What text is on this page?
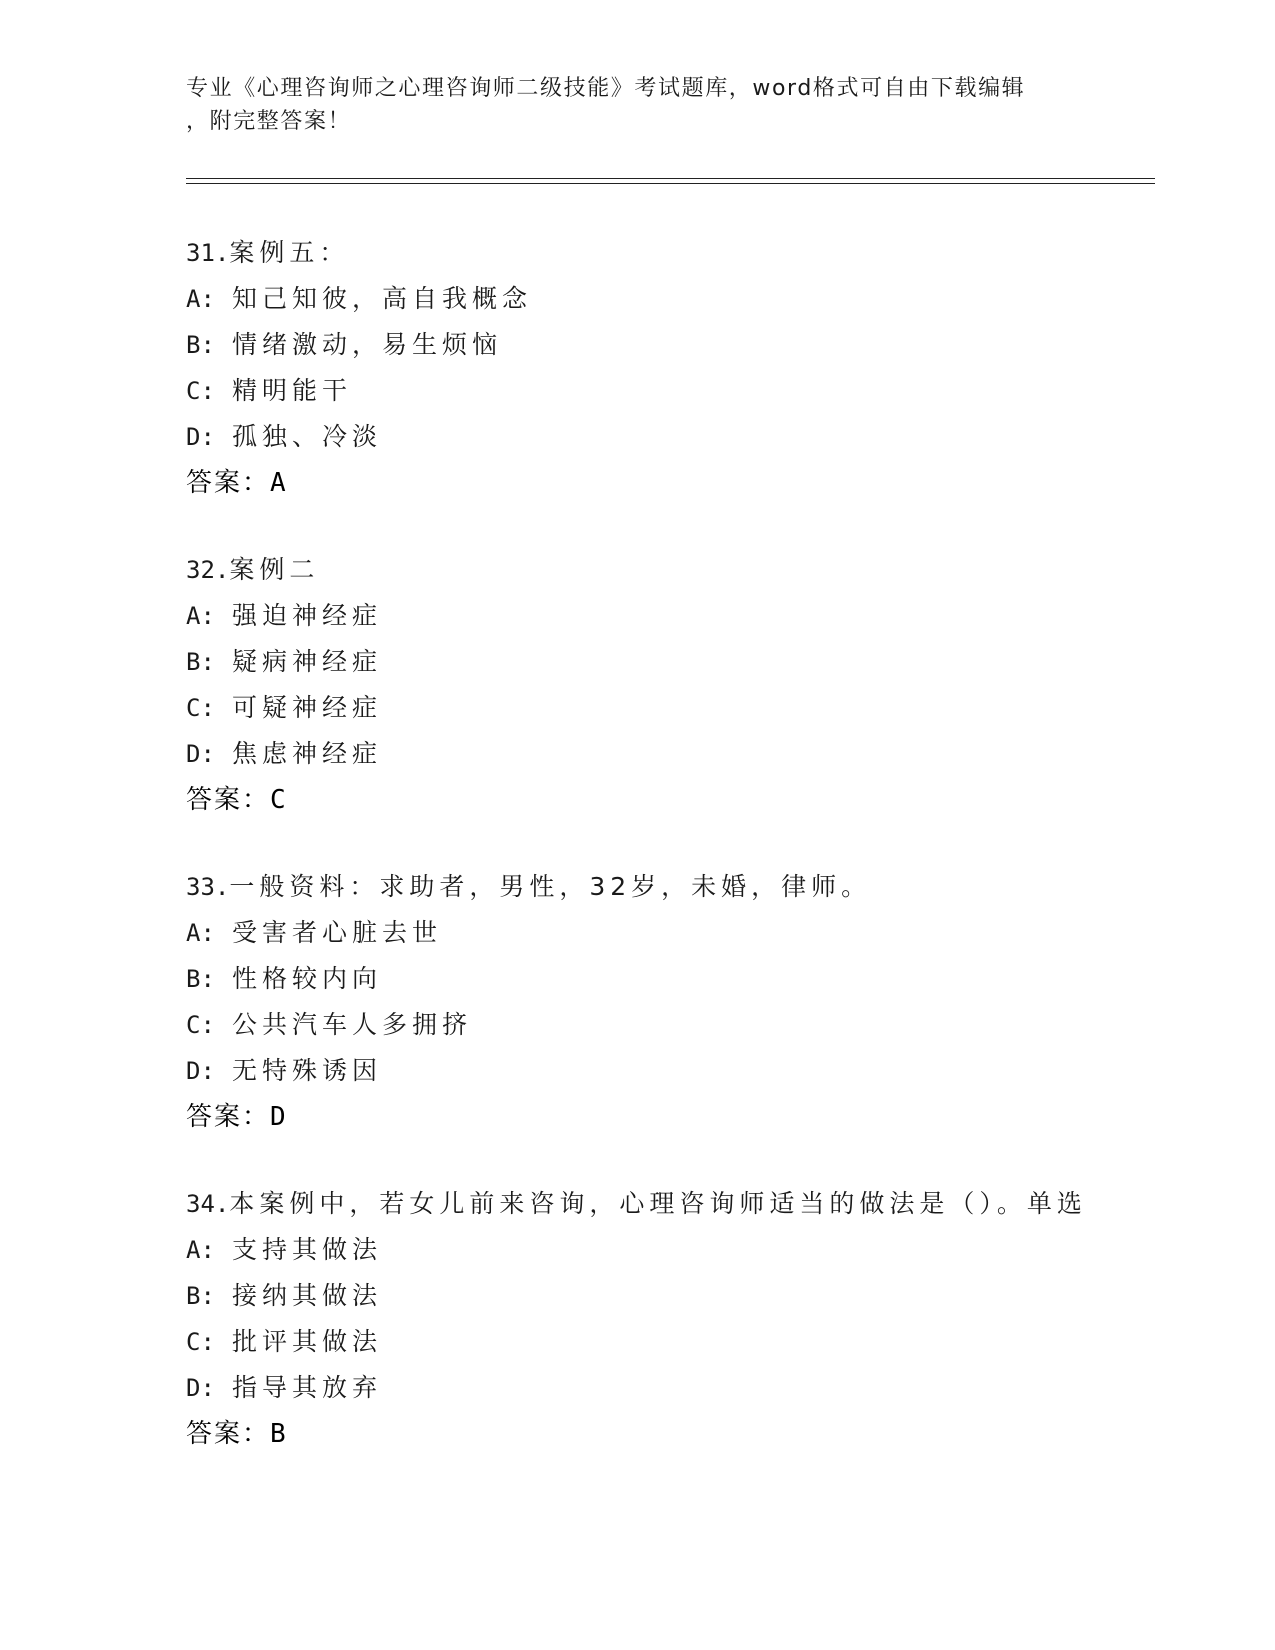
专业《心理咨询师之心理咨询师二级技能》考试题库，word格式可自由下载编辑
，附完整答案！
31.案例五：
A: 知己知彼，高自我概念
B: 情绪激动，易生烦恼
C: 精明能干
D: 孤独、冷淡
答案：A
32.案例二
A: 强迫神经症
B: 疑病神经症
C: 可疑神经症
D: 焦虑神经症
答案：C
33.一般资料：求助者，男性，32岁，未婚，律师。
A: 受害者心脏去世
B: 性格较内向
C: 公共汽车人多拥挤
D: 无特殊诱因
答案：D
34.本案例中，若女儿前来咨询，心理咨询师适当的做法是（）。单选
A: 支持其做法
B: 接纳其做法
C: 批评其做法
D: 指导其放弃
答案：B
